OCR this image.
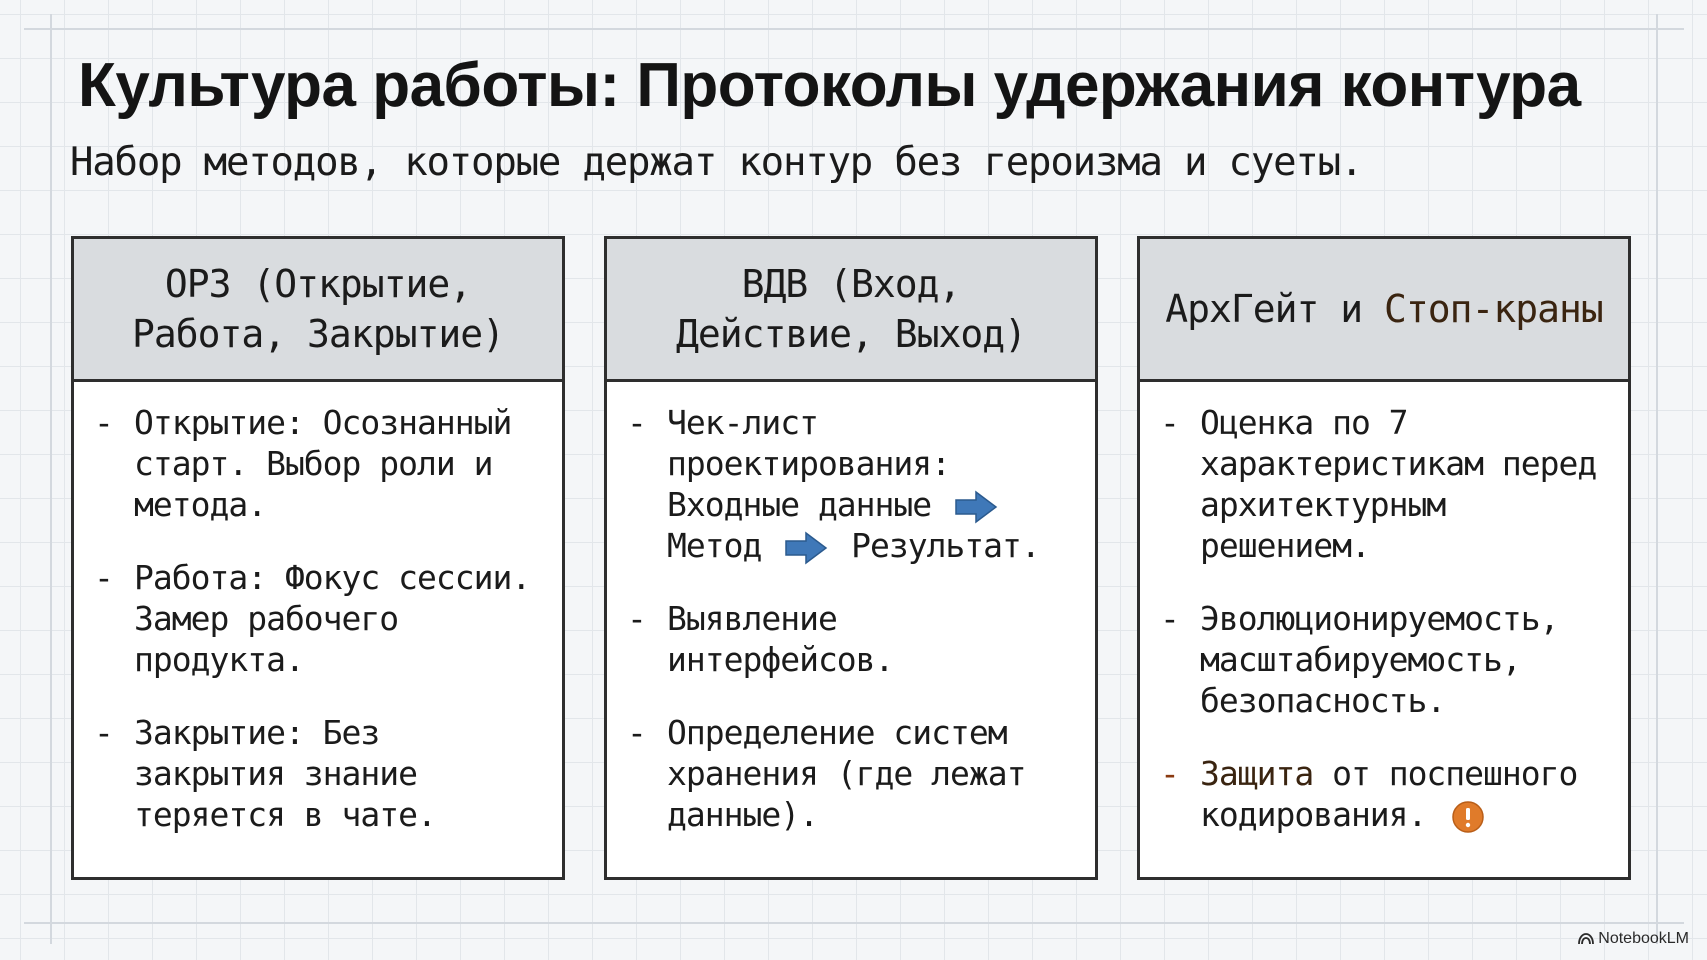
Культура работы: Протоколы удержания контура

Набор методов, которые держат контур без героизма и суеты.

ОРЗ (Открытие,
Работа, Закрытие)
- Открытие: Осознанный старт. Выбор роли и метода.
- Работа: Фокус сессии. Замер рабочего продукта.
- Закрытие: Без закрытия знание теряется в чате.
ВДВ (Вход,
Действие, Выход)
- Чек-лист проектирования: Входные данные  Метод	Результат.
- Выявление интерфейсов.
- Определение систем хранения (где лежат данные).
АрхГейт и Стоп-краны
- Оценка по 7 характеристикам перед архитектурным решением.
- Эволюционируемость, масштабируемость, безопасность.
- Защита от поспешного кодирования.
NotebookLM
